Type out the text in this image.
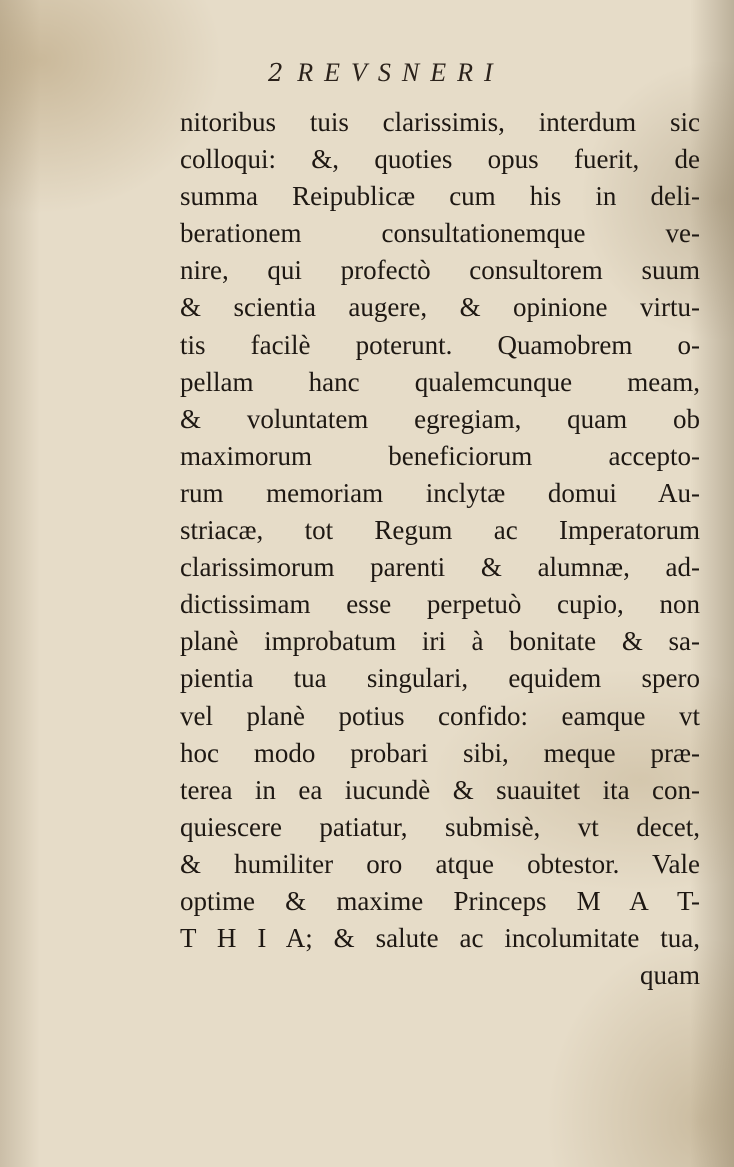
2 REVSNERI
nitoribus tuis clarissimis, interdum sic
colloqui: &, quoties opus fuerit, de
summa Reipublicæ cum his in deli-
berationem consultationemque ve-
nire, qui profectò consultorem suum
& scientia augere, & opinione virtu-
tis facilè poterunt. Quamobrem o-
pellam hanc qualemcunque meam,
& voluntatem egregiam, quam ob
maximorum beneficiorum accepto-
rum memoriam inclytæ domui Au-
striacæ, tot Regum ac Imperatorum
clarissimorum parenti & alumnæ, ad-
dictissimam esse perpetuò cupio, non
planè improbatum iri à bonitate & sa-
pientia tua singulari, equidem spero
vel planè potius confido: eamque vt
hoc modo probari sibi, meque præ-
terea in ea iucundè & suauitet ita con-
quiescere patiatur, submisè, vt decet,
& humiliter oro atque obtestor. Vale
optime & maxime Princeps M A T-
T H I A; & salute ac incolumitate tua,
quam
